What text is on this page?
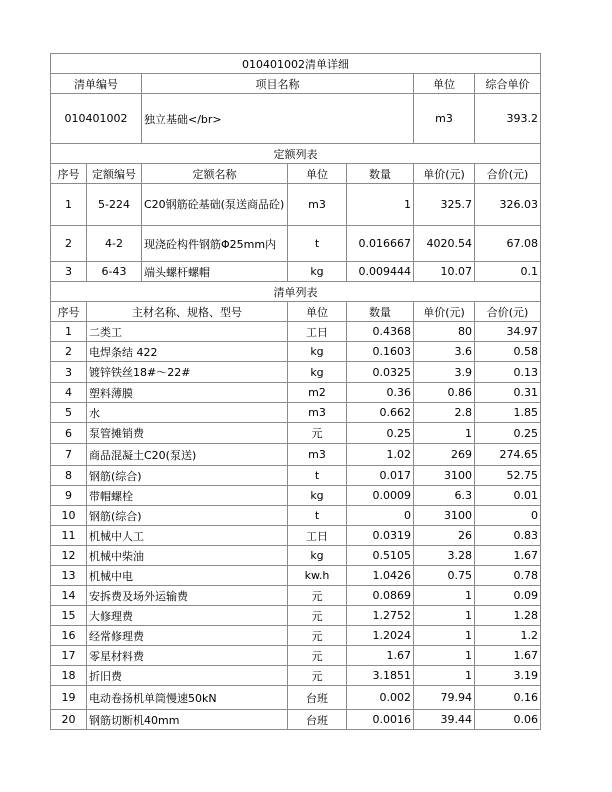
010401002清单详细						
清单编号		项目名称			单位	综合单价
010401002		独立基础</br>			m3	393.2
定额列表						
序号	定额编号	定额名称	单位	数量	单价(元)	合价(元)
1	5-224	C20钢筋砼基础(泵送商品砼)	m3	1	325.7	326.03
2	4-2	现浇砼构件钢筋Φ25mm内	t	0.016667	4020.54	67.08
3	6-43	端头螺杆螺帽	kg	0.009444	10.07	0.1
清单列表						
序号	主材名称、规格、型号		单位	数量	单价(元)	合价(元)
1	二类工		工日	0.4368	80	34.97
2	电焊条结 422		kg	0.1603	3.6	0.58
3	镀锌铁丝18#～22#		kg	0.0325	3.9	0.13
4	塑料薄膜		m2	0.36	0.86	0.31
5	水		m3	0.662	2.8	1.85
6	泵管摊销费		元	0.25	1	0.25
7	商品混凝土C20(泵送)		m3	1.02	269	274.65
8	钢筋(综合)		t	0.017	3100	52.75
9	带帽螺栓		kg	0.0009	6.3	0.01
10	钢筋(综合)		t	0	3100	0
11	机械中人工		工日	0.0319	26	0.83
12	机械中柴油		kg	0.5105	3.28	1.67
13	机械中电		kw.h	1.0426	0.75	0.78
14	安拆费及场外运输费		元	0.0869	1	0.09
15	大修理费		元	1.2752	1	1.28
16	经常修理费		元	1.2024	1	1.2
17	零星材料费		元	1.67	1	1.67
18	折旧费		元	3.1851	1	3.19
19	电动卷扬机单筒慢速50kN		台班	0.002	79.94	0.16
20	钢筋切断机40mm		台班	0.0016	39.44	0.06
